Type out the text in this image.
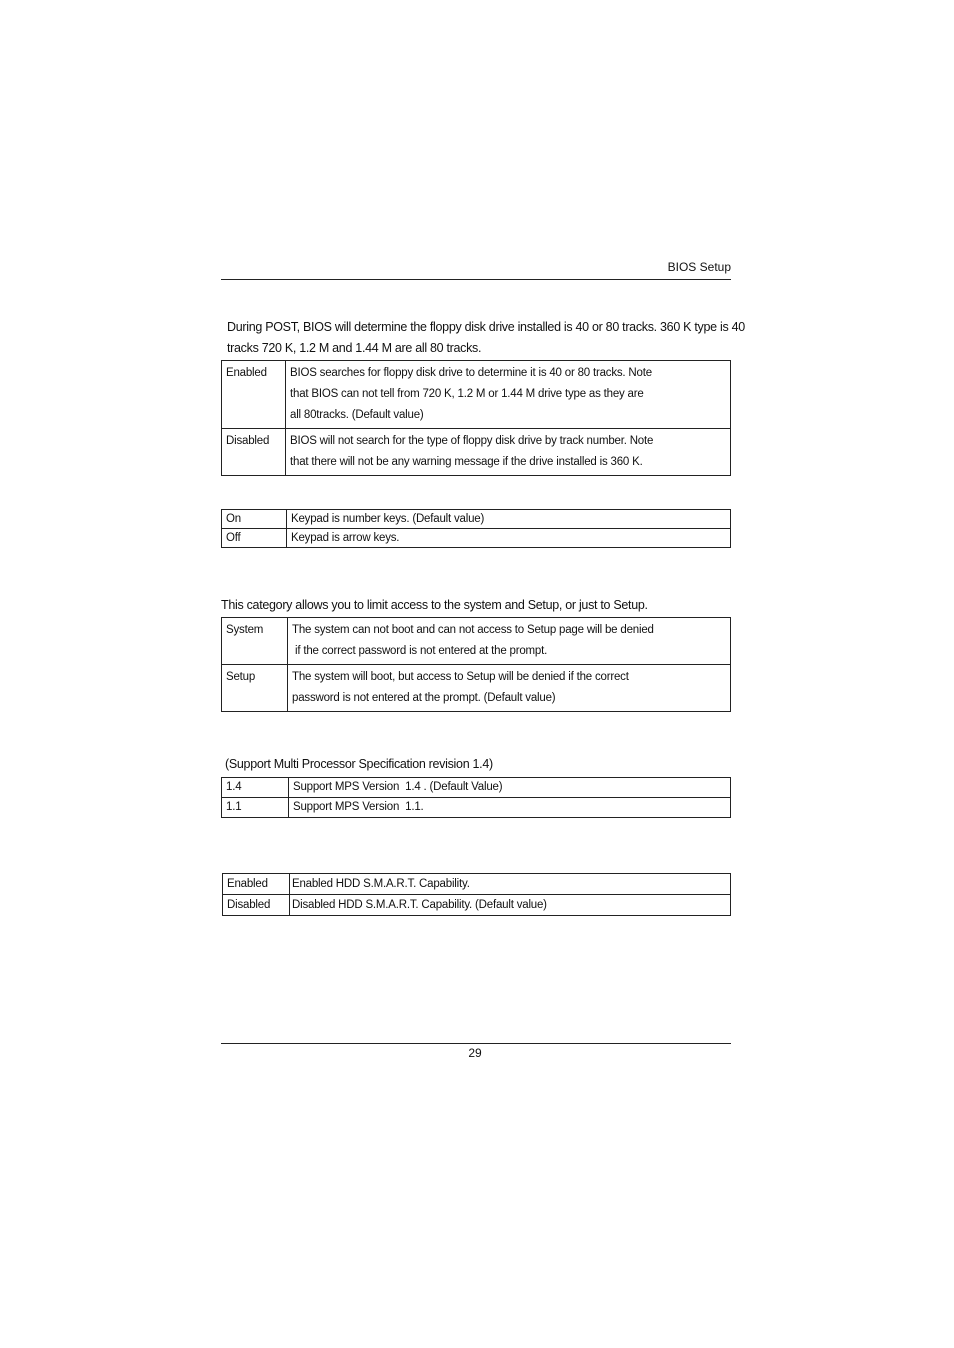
BIOS Setup
During POST, BIOS will determine the floppy disk drive installed is 40 or 80 tracks. 360 K type is 40
tracks 720 K, 1.2 M and 1.44 M are all 80 tracks.
Enabled	BIOS searches for floppy disk drive to determine it is 40 or 80 tracks. Note
that BIOS can not tell from 720 K, 1.2 M or 1.44 M drive type as they are
all 80tracks. (Default value)

Disabled	BIOS will not search for the type of floppy disk drive by track number. Note
that there will not be any warning message if the drive installed is 360 K.
On	Keypad is number keys. (Default value)
Off	Keypad is arrow keys.
This category allows you to limit access to the system and Setup, or just to Setup.
System	The system can not boot and can not access to Setup page will be denied
if the correct password is not entered at the prompt.

Setup	The system will boot, but access to Setup will be denied if the correct
password is not entered at the prompt. (Default value)
(Support Multi Processor Specification revision 1.4)
1.4	Support MPS Version  1.4 . (Default Value)
1.1	Support MPS Version  1.1.
Enabled	Enabled HDD S.M.A.R.T. Capability.
Disabled	Disabled HDD S.M.A.R.T. Capability. (Default value)
29
